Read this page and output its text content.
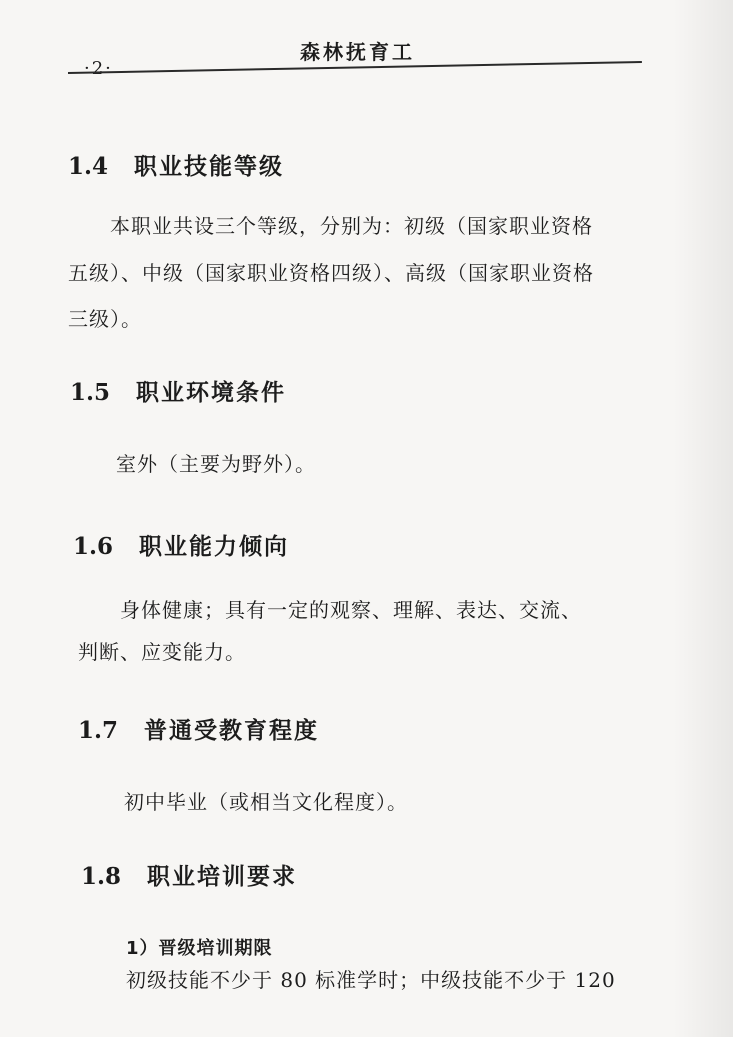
·2·
森林抚育工
1.4 职业技能等级
本职业共设三个等级，分别为：初级（国家职业资格
五级）、中级（国家职业资格四级）、高级（国家职业资格
三级）。
1.5 职业环境条件
室外（主要为野外）。
1.6 职业能力倾向
身体健康；具有一定的观察、理解、表达、交流、
判断、应变能力。
1.7 普通受教育程度
初中毕业（或相当文化程度）。
1.8 职业培训要求
1）晋级培训期限
初级技能不少于 80 标准学时；中级技能不少于 120
